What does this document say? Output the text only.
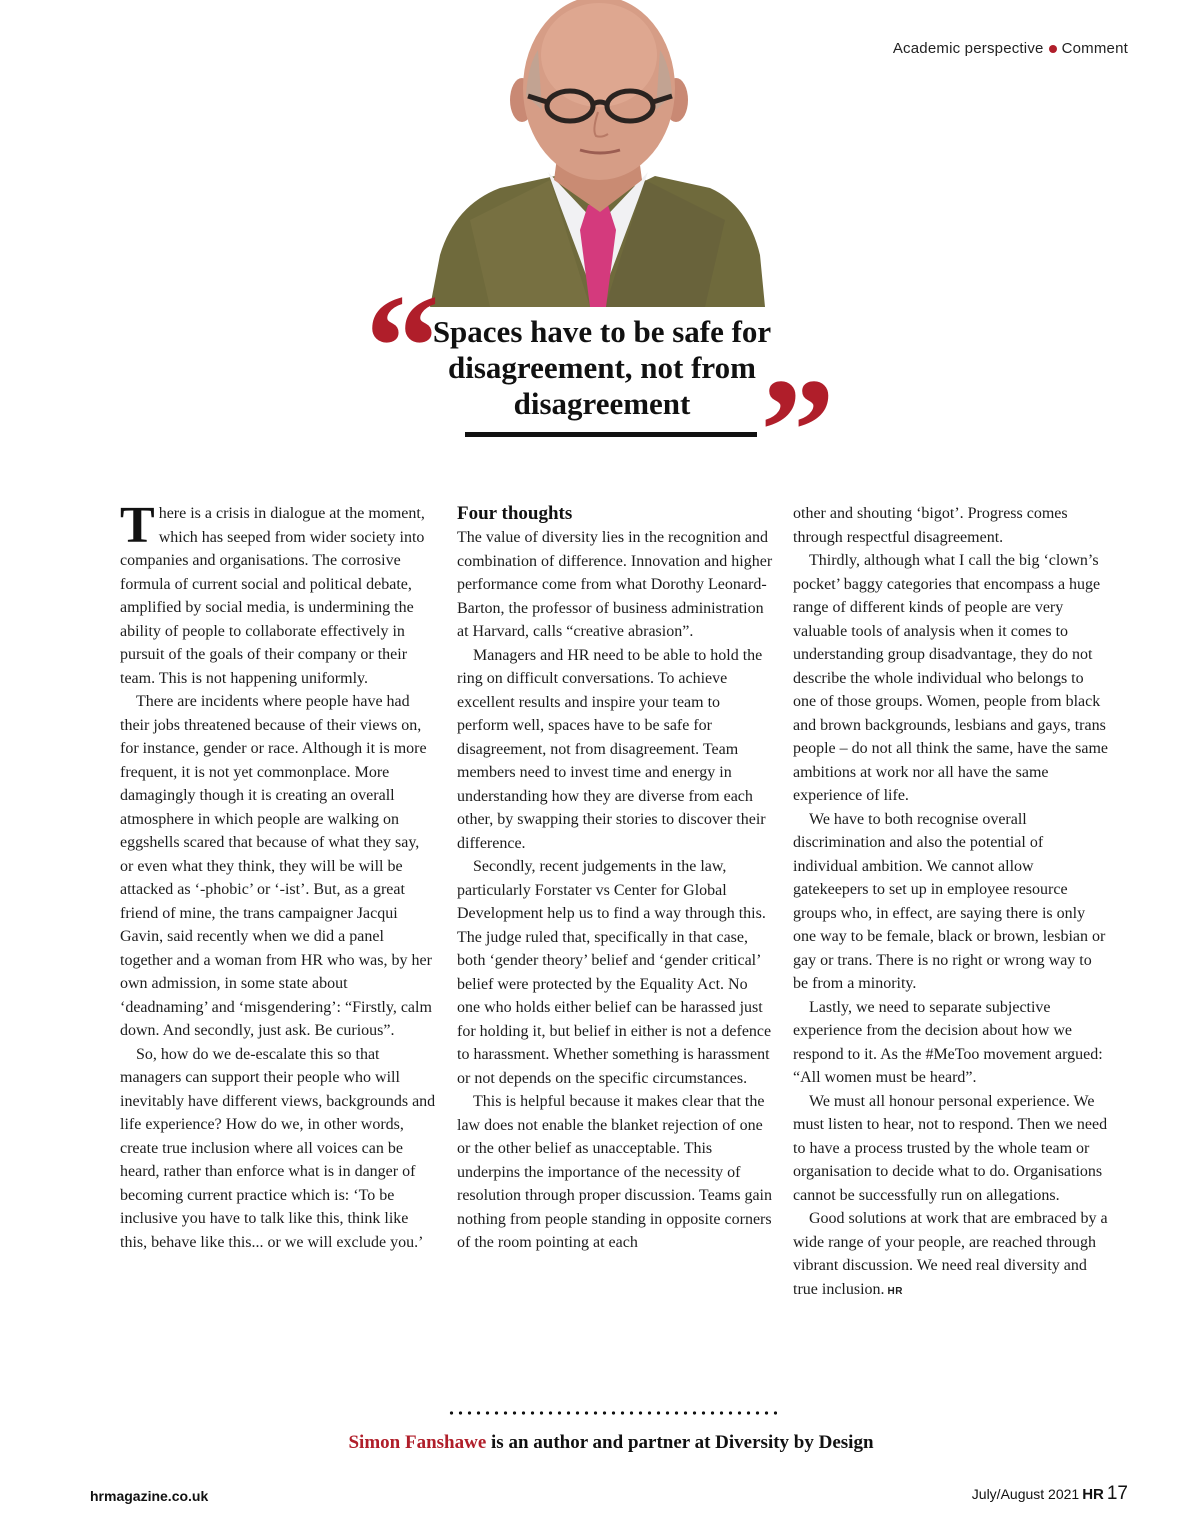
Academic perspective Comment
“
Spaces have to be safe for disagreement, not from disagreement ”

There is a crisis in dialogue at the moment, which has seeped from wider society into companies and organisations. The corrosive formula of current social and political debate, amplified by social media, is undermining the ability of people to collaborate effectively in pursuit of the goals of their company or their team. This is not happening uniformly.

There are incidents where people have had their jobs threatened because of their views on, for instance, gender or race. Although it is more frequent, it is not yet commonplace. More damagingly though it is creating an overall atmosphere in which people are walking on eggshells scared that because of what they say, or even what they think, they will be will be attacked as ‘-phobic’ or ‘-ist’. But, as a great friend of mine, the trans campaigner Jacqui Gavin, said recently when we did a panel together and a woman from HR who was, by her own admission, in some state about ‘deadnaming’ and ‘misgendering’: “Firstly, calm down. And secondly, just ask. Be curious”.

So, how do we de-escalate this so that managers can support their people who will inevitably have different views, backgrounds and life experience? How do we, in other words, create true inclusion where all voices can be heard, rather than enforce what is in danger of becoming current practice which is: ‘To be inclusive you have to talk like this, think like this, behave like this... or we will exclude you.’

Four thoughts

The value of diversity lies in the recognition and combination of difference. Innovation and higher performance come from what Dorothy Leonard-Barton, the professor of business administration at Harvard, calls “creative abrasion”.

Managers and HR need to be able to hold the ring on difficult conversations. To achieve excellent results and inspire your team to perform well, spaces have to be safe for disagreement, not from disagreement. Team members need to invest time and energy in understanding how they are diverse from each other, by swapping their stories to discover their difference.

Secondly, recent judgements in the law, particularly Forstater vs Center for Global Development help us to find a way through this. The judge ruled that, specifically in that case, both ‘gender theory’ belief and ‘gender critical’ belief were protected by the Equality Act. No one who holds either belief can be harassed just for holding it, but belief in either is not a defence to harassment. Whether something is harassment or not depends on the specific circumstances.

This is helpful because it makes clear that the law does not enable the blanket rejection of one or the other belief as unacceptable. This underpins the importance of the necessity of resolution through proper discussion. Teams gain nothing from people standing in opposite corners of the room pointing at each

other and shouting ‘bigot’. Progress comes through respectful disagreement.

Thirdly, although what I call the big ‘clown’s pocket’ baggy categories that encompass a huge range of different kinds of people are very valuable tools of analysis when it comes to understanding group disadvantage, they do not describe the whole individual who belongs to one of those groups. Women, people from black and brown backgrounds, lesbians and gays, trans people – do not all think the same, have the same ambitions at work nor all have the same experience of life.

We have to both recognise overall discrimination and also the potential of individual ambition. We cannot allow gatekeepers to set up in employee resource groups who, in effect, are saying there is only one way to be female, black or brown, lesbian or gay or trans. There is no right or wrong way to be from a minority.

Lastly, we need to separate subjective experience from the decision about how we respond to it. As the #MeToo movement argued: “All women must be heard”.

We must all honour personal experience. We must listen to hear, not to respond. Then we need to have a process trusted by the whole team or organisation to decide what to do. Organisations cannot be successfully run on allegations.

Good solutions at work that are embraced by a wide range of your people, are reached through vibrant discussion. We need real diversity and true inclusion. HR

Simon Fanshawe is an author and partner at Diversity by Design
hrmagazine.co.uk	July/August 2021 HR 17
